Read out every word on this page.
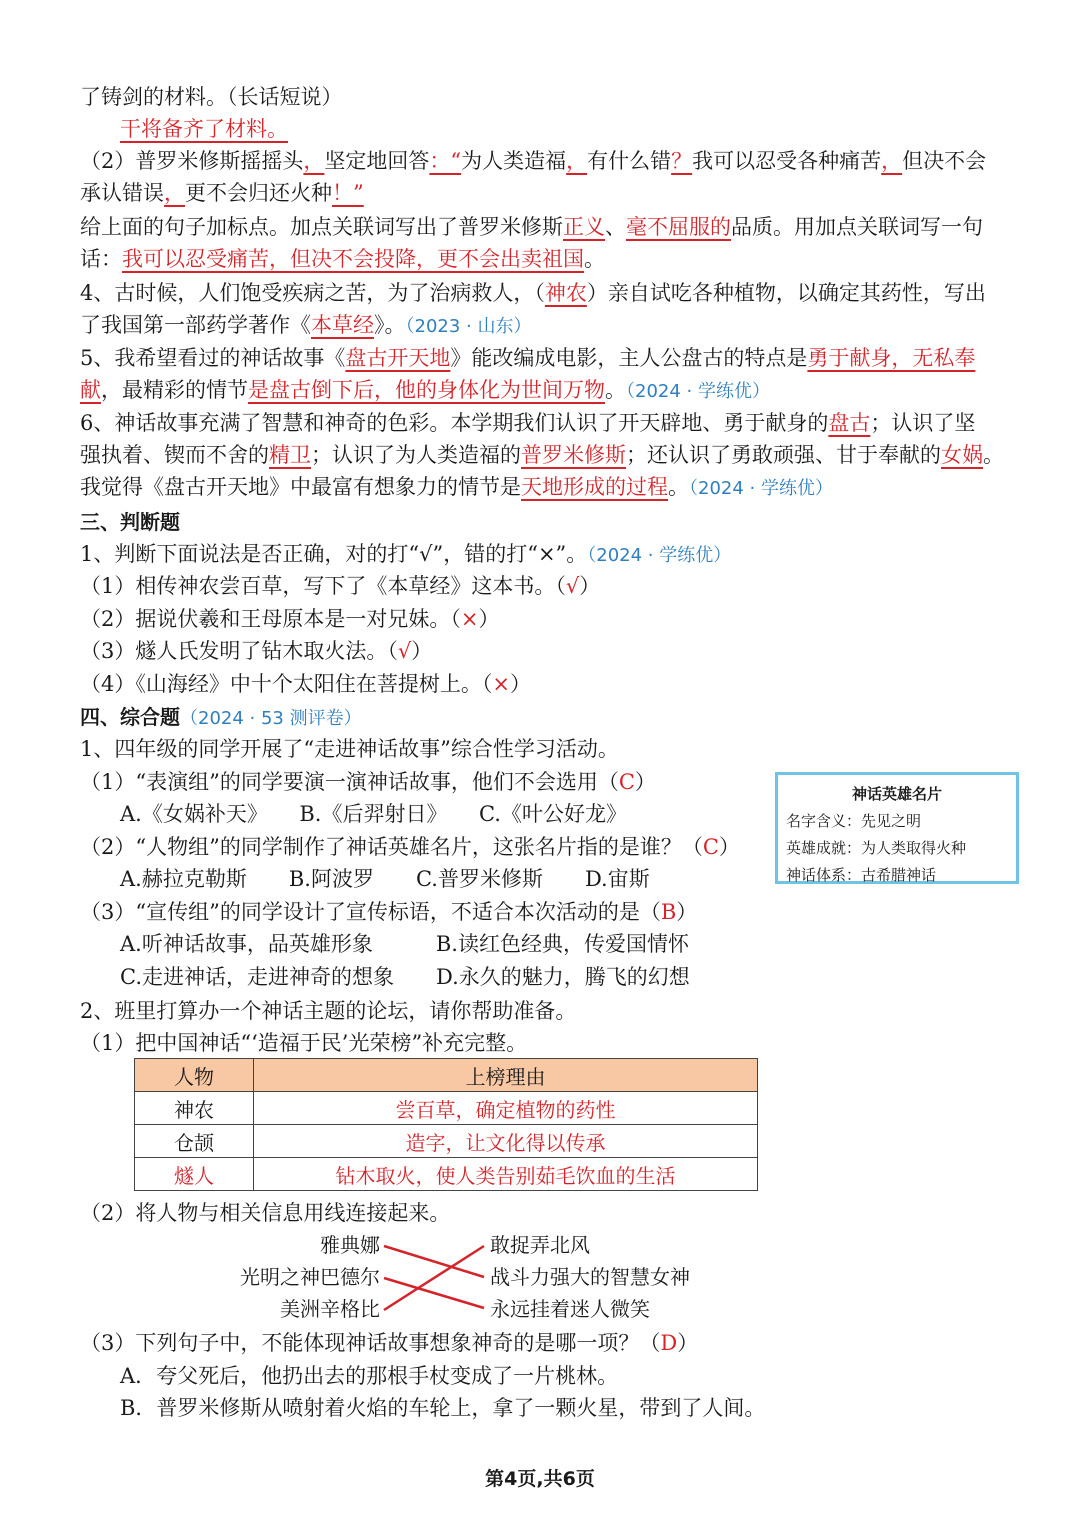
了铸剑的材料。（长话短说）
干将备齐了材料。
（2）普罗米修斯摇摇头，坚定地回答：“为人类造福，有什么错？我可以忍受各种痛苦，但决不会
承认错误，更不会归还火种！”
给上面的句子加标点。加点关联词写出了普罗米修斯正义、毫不屈服的品质。用加点关联词写一句
话：我可以忍受痛苦，但决不会投降，更不会出卖祖国。
4、古时候，人们饱受疾病之苦，为了治病救人，（神农）亲自试吃各种植物，以确定其药性，写出
了我国第一部药学著作《本草经》。（2023 · 山东）
5、我希望看过的神话故事《盘古开天地》能改编成电影，主人公盘古的特点是勇于献身，无私奉
献，最精彩的情节是盘古倒下后，他的身体化为世间万物。（2024 · 学练优）
6、神话故事充满了智慧和神奇的色彩。本学期我们认识了开天辟地、勇于献身的盘古；认识了坚
强执着、锲而不舍的精卫；认识了为人类造福的普罗米修斯；还认识了勇敢顽强、甘于奉献的女娲。
我觉得《盘古开天地》中最富有想象力的情节是天地形成的过程。（2024 · 学练优）
三、判断题
1、判断下面说法是否正确，对的打“√”，错的打“×”。（2024 · 学练优）
（1）相传神农尝百草，写下了《本草经》这本书。（√）
（2）据说伏羲和王母原本是一对兄妹。（×）
（3）燧人氏发明了钻木取火法。（√）
（4）《山海经》中十个太阳住在菩提树上。（×）
四、综合题（2024 · 53 测评卷）
1、四年级的同学开展了“走进神话故事”综合性学习活动。
（1）“表演组”的同学要演一演神话故事，他们不会选用（C）
A.《女娲补天》　　B.《后羿射日》　　C.《叶公好龙》
（2）“人物组”的同学制作了神话英雄名片，这张名片指的是谁？（C）
A.赫拉克勒斯　　B.阿波罗　　C.普罗米修斯　　D.宙斯
（3）“宣传组”的同学设计了宣传标语，不适合本次活动的是（B）
A.听神话故事，品英雄形象　　　B.读红色经典，传爱国情怀
C.走进神话，走进神奇的想象　　D.永久的魅力，腾飞的幻想
神话英雄名片
名字含义：先见之明
英雄成就：为人类取得火种
神话体系：古希腊神话
2、班里打算办一个神话主题的论坛，请你帮助准备。
（1）把中国神话“‘造福于民’光荣榜”补充完整。
人物	上榜理由
神农	尝百草，确定植物的药性
仓颉	造字，让文化得以传承
燧人	钻木取火，使人类告别茹毛饮血的生活
（2）将人物与相关信息用线连接起来。
雅典娜
光明之神巴德尔
美洲辛格比
敢捉弄北风
战斗力强大的智慧女神
永远挂着迷人微笑
（3）下列句子中，不能体现神话故事想象神奇的是哪一项？（D）
A．夸父死后，他扔出去的那根手杖变成了一片桃林。
B．普罗米修斯从喷射着火焰的车轮上，拿了一颗火星，带到了人间。
第4页,共6页
